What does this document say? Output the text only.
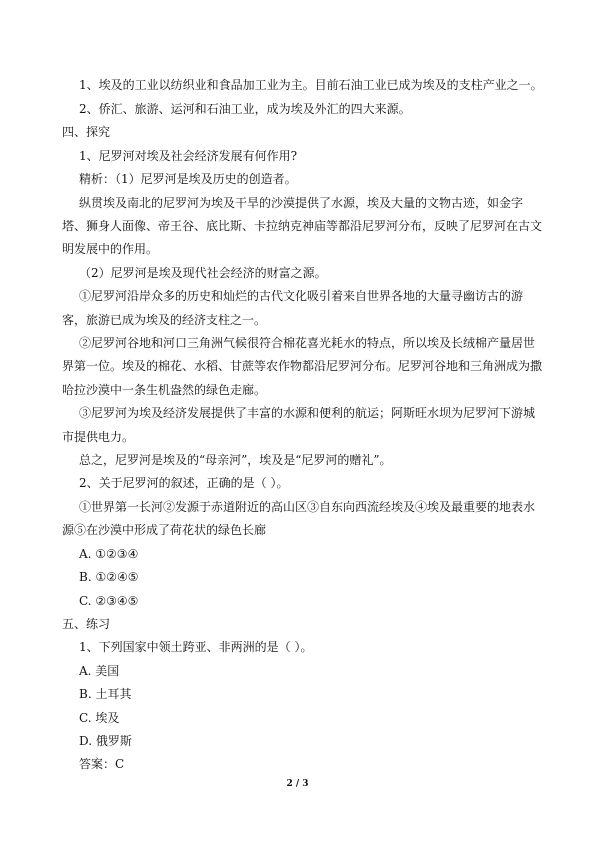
1、埃及的工业以纺织业和食品加工业为主。目前石油工业已成为埃及的支柱产业之一。
2、侨汇、旅游、运河和石油工业，成为埃及外汇的四大来源。
四、探究
1、尼罗河对埃及社会经济发展有何作用?
精析：（1）尼罗河是埃及历史的创造者。
纵贯埃及南北的尼罗河为埃及干旱的沙漠提供了水源，埃及大量的文物古迹，如金字
塔、狮身人面像、帝王谷、底比斯、卡拉纳克神庙等都沿尼罗河分布，反映了尼罗河在古文
明发展中的作用。
（2）尼罗河是埃及现代社会经济的财富之源。
①尼罗河沿岸众多的历史和灿烂的古代文化吸引着来自世界各地的大量寻幽访古的游
客，旅游已成为埃及的经济支柱之一。
②尼罗河谷地和河口三角洲气候很符合棉花喜光耗水的特点，所以埃及长绒棉产量居世
界第一位。埃及的棉花、水稻、甘蔗等农作物都沿尼罗河分布。尼罗河谷地和三角洲成为撒
哈拉沙漠中一条生机盎然的绿色走廊。
③尼罗河为埃及经济发展提供了丰富的水源和便利的航运；阿斯旺水坝为尼罗河下游城
市提供电力。
总之，尼罗河是埃及的“母亲河”，埃及是“尼罗河的赠礼”。
2、关于尼罗河的叙述，正确的是（ ）。
①世界第一长河②发源于赤道附近的高山区③自东向西流经埃及④埃及最重要的地表水
源⑤在沙漠中形成了荷花状的绿色长廊
A. ①②③④
B. ①②④⑤
C. ②③④⑤
五、练习
1、下列国家中领土跨亚、非两洲的是（ ）。
A. 美国
B. 土耳其
C. 埃及
D. 俄罗斯
答案：C
2 / 3
